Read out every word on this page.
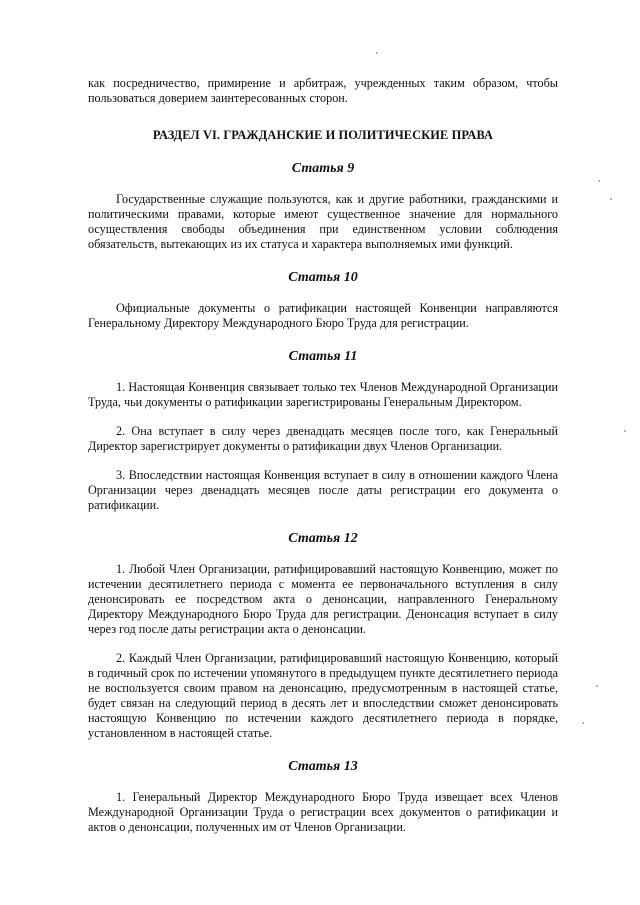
как посредничество, примирение и арбитраж, учрежденных таким образом, чтобы пользоваться доверием заинтересованных сторон.

РАЗДЕЛ VI. ГРАЖДАНСКИЕ И ПОЛИТИЧЕСКИЕ ПРАВА
Статья 9

Государственные служащие пользуются, как и другие работники, гражданскими и политическими правами, которые имеют существенное значение для нормального осуществления свободы объединения при единственном условии соблюдения обязательств, вытекающих из их статуса и характера выполняемых ими функций.

Статья 10

Официальные документы о ратификации настоящей Конвенции направляются Генеральному Директору Международного Бюро Труда для регистрации.

Статья 11

1. Настоящая Конвенция связывает только тех Членов Международной Организации Труда, чьи документы о ратификации зарегистрированы Генеральным Директором.

2. Она вступает в силу через двенадцать месяцев после того, как Генеральный Директор зарегистрирует документы о ратификации двух Членов Организации.

3. Впоследствии настоящая Конвенция вступает в силу в отношении каждого Члена Организации через двенадцать месяцев после даты регистрации его документа о ратификации.

Статья 12

1. Любой Член Организации, ратифицировавший настоящую Конвенцию, может по истечении десятилетнего периода с момента ее первоначального вступления в силу денонсировать ее посредством акта о денонсации, направленного Генеральному Директору Международного Бюро Труда для регистрации. Денонсация вступает в силу через год после даты регистрации акта о денонсации.

2. Каждый Член Организации, ратифицировавший настоящую Конвенцию, который в годичный срок по истечении упомянутого в предыдущем пункте десятилетнего периода не воспользуется своим правом на денонсацию, предусмотренным в настоящей статье, будет связан на следующий период в десять лет и впоследствии сможет денонсировать настоящую Конвенцию по истечении каждого десятилетнего периода в порядке, установленном в настоящей статье.

Статья 13

1. Генеральный Директор Международного Бюро Труда извещает всех Членов Международной Организации Труда о регистрации всех документов о ратификации и актов о денонсации, полученных им от Членов Организации.
